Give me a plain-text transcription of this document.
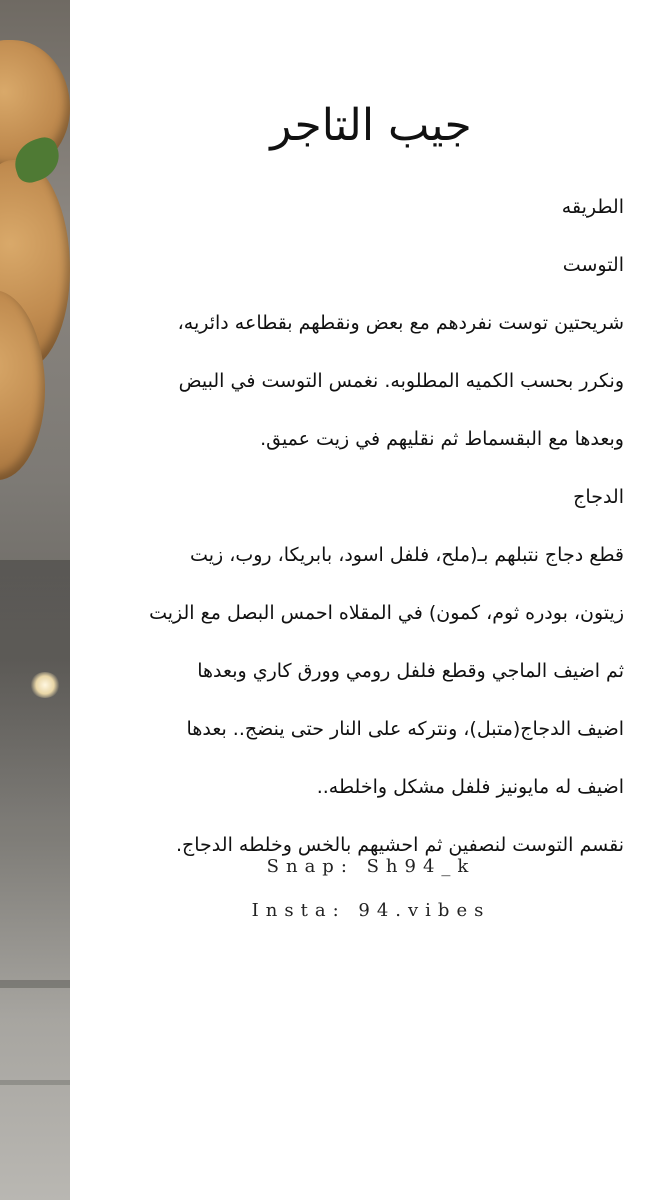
جيب التاجر
الطريقه
التوست
شريحتين توست نفردهم مع بعض ونقطهم بقطاعه دائريه،
ونكرر بحسب الكميه المطلوبه. نغمس التوست في البيض
وبعدها مع البقسماط ثم نقليهم في زيت عميق.
الدجاج
قطع دجاج نتبلهم بـ(ملح، فلفل اسود، بابريكا، روب، زيت
زيتون، بودره ثوم، كمون) في المقلاه احمس البصل مع الزيت
ثم اضيف الماجي وقطع فلفل رومي وورق كاري وبعدها
اضيف الدجاج(متبل)، ونتركه على النار حتى ينضج.. بعدها
اضيف له مايونيز فلفل مشكل واخلطه..
نقسم التوست لنصفين ثم احشيهم بالخس وخلطه الدجاج.
Snap: Sh94_k
Insta: 94.vibes
